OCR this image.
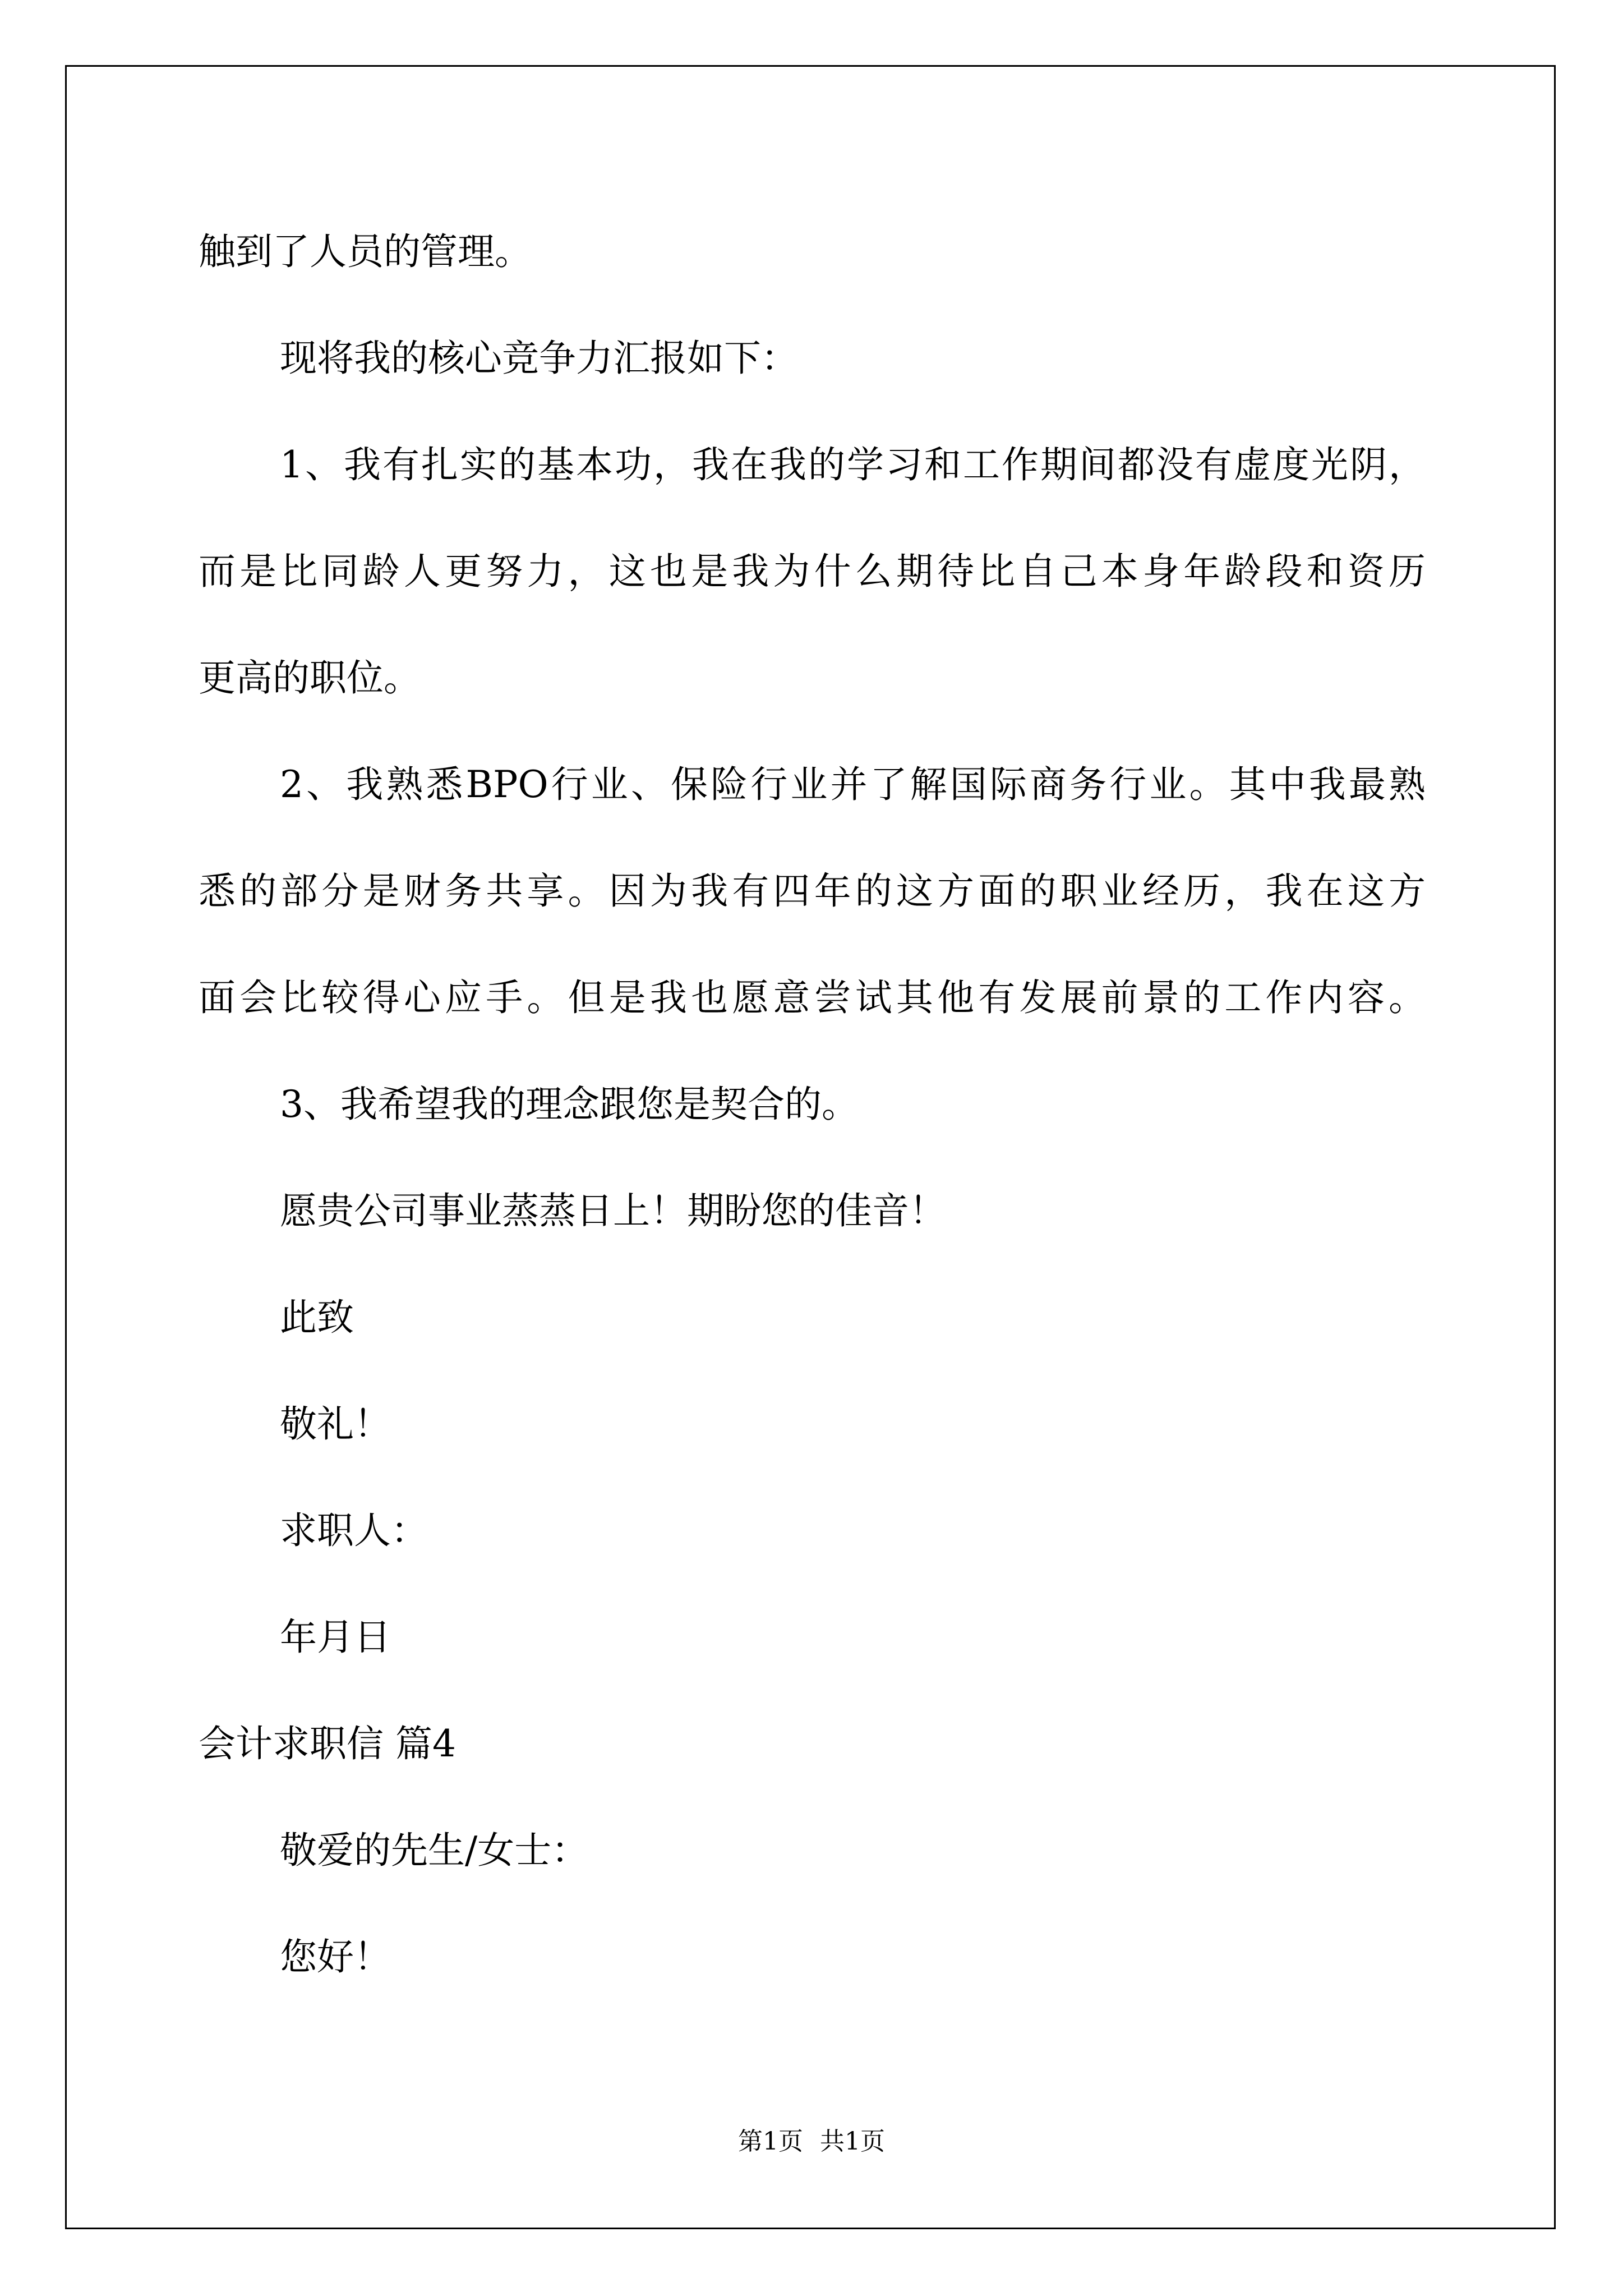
触到了人员的管理。
现将我的核心竞争力汇报如下：
1、我有扎实的基本功，我在我的学习和工作期间都没有虚度光阴，
而是比同龄人更努力，这也是我为什么期待比自己本身年龄段和资历
更高的职位。
2、我熟悉BPO行业、保险行业并了解国际商务行业。其中我最熟
悉的部分是财务共享。因为我有四年的这方面的职业经历，我在这方
面会比较得心应手。但是我也愿意尝试其他有发展前景的工作内容。
3、我希望我的理念跟您是契合的。
愿贵公司事业蒸蒸日上！期盼您的佳音！
此致
敬礼！
求职人：
年月日
会计求职信 篇4
敬爱的先生/女士：
您好！
第1页 共1页
